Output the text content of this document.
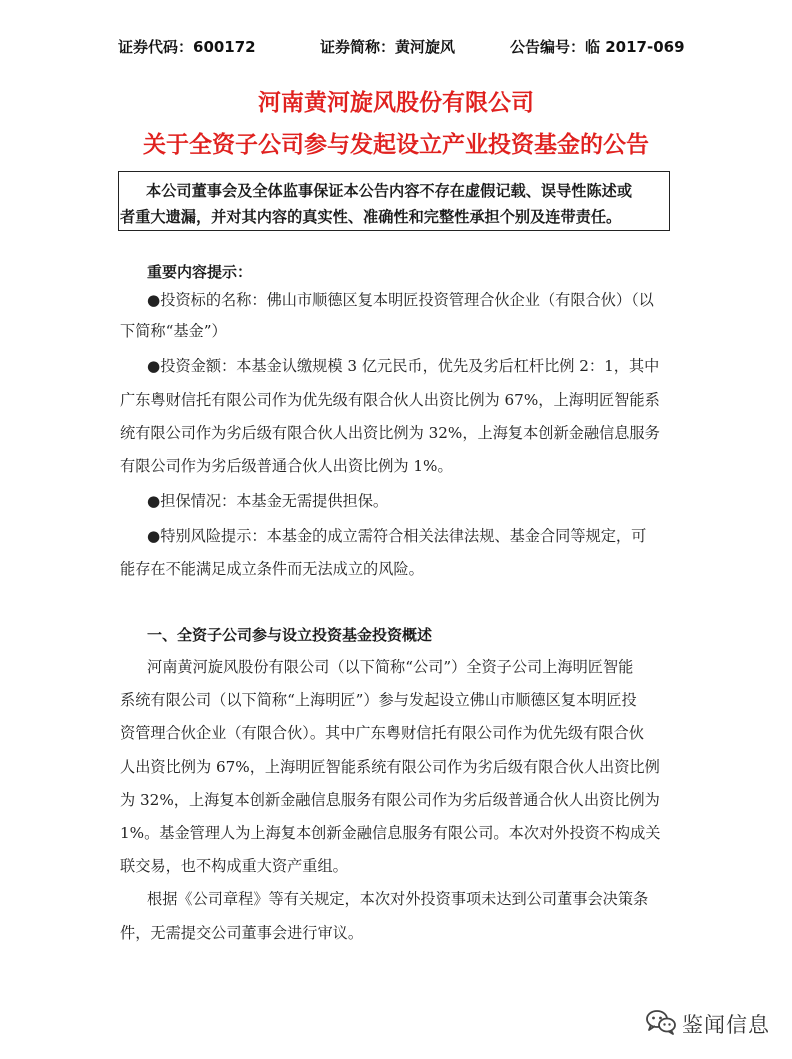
证券代码：600172	证券简称：黄河旋风	公告编号：临 2017-069
河南黄河旋风股份有限公司
关于全资子公司参与发起设立产业投资基金的公告
本公司董事会及全体监事保证本公告内容不存在虚假记载、误导性陈述或
者重大遗漏，并对其内容的真实性、准确性和完整性承担个别及连带责任。
重要内容提示：
●投资标的名称：佛山市顺德区复本明匠投资管理合伙企业（有限合伙）（以
下简称“基金”）
●投资金额：本基金认缴规模 3 亿元民币，优先及劣后杠杆比例 2：1，其中
广东粤财信托有限公司作为优先级有限合伙人出资比例为 67%，上海明匠智能系
统有限公司作为劣后级有限合伙人出资比例为 32%，上海复本创新金融信息服务
有限公司作为劣后级普通合伙人出资比例为 1%。
●担保情况：本基金无需提供担保。
●特别风险提示：本基金的成立需符合相关法律法规、基金合同等规定，可
能存在不能满足成立条件而无法成立的风险。
一、全资子公司参与设立投资基金投资概述
河南黄河旋风股份有限公司（以下简称“公司”）全资子公司上海明匠智能
系统有限公司（以下简称“上海明匠”）参与发起设立佛山市顺德区复本明匠投
资管理合伙企业（有限合伙）。其中广东粤财信托有限公司作为优先级有限合伙
人出资比例为 67%，上海明匠智能系统有限公司作为劣后级有限合伙人出资比例
为 32%，上海复本创新金融信息服务有限公司作为劣后级普通合伙人出资比例为
1%。基金管理人为上海复本创新金融信息服务有限公司。本次对外投资不构成关
联交易，也不构成重大资产重组。
根据《公司章程》等有关规定，本次对外投资事项未达到公司董事会决策条
件，无需提交公司董事会进行审议。
鉴闻信息
